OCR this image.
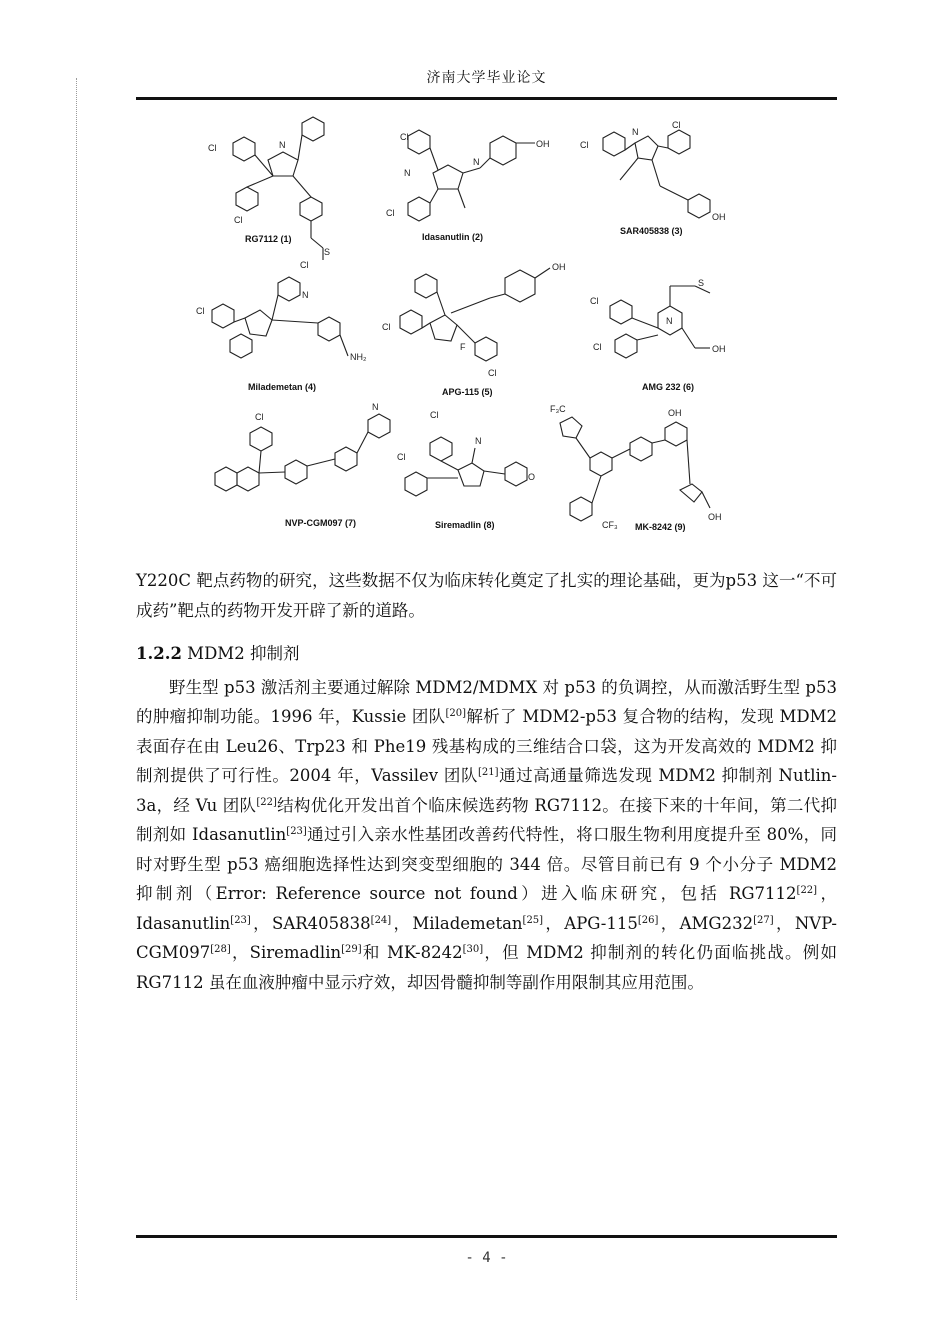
济南大学毕业论文
Cl
Cl
N
S
RG7112 (1)
Cl
Cl
N
OH
N
Idasanutlin (2)
Cl
Cl
OH
N
SAR405838 (3)
Cl
Cl
NH₂
N
Milademetan (4)
Cl
OH
Cl
F
APG-115 (5)
Cl
Cl
S
OH
N
AMG 232 (6)
Cl
N
NVP-CGM097 (7)
Cl
Cl
O
N
Siremadlin (8)
F₃C
OH
CF₃
OH
MK-8242 (9)

Y220C 靶点药物的研究，这些数据不仅为临床转化奠定了扎实的理论基础，更为p53 这一“不可成药”靶点的药物开发开辟了新的道路。

1.2.2 MDM2 抑制剂

野生型 p53 激活剂主要通过解除 MDM2/MDMX 对 p53 的负调控，从而激活野生型 p53 的肿瘤抑制功能。1996 年，Kussie 团队[20]解析了 MDM2-p53 复合物的结构，发现 MDM2 表面存在由 Leu26、Trp23 和 Phe19 残基构成的三维结合口袋，这为开发高效的 MDM2 抑制剂提供了可行性。2004 年，Vassilev 团队[21]通过高通量筛选发现 MDM2 抑制剂 Nutlin-3a，经 Vu 团队[22]结构优化开发出首个临床候选药物 RG7112。在接下来的十年间，第二代抑制剂如 Idasanutlin[23]通过引入亲水性基团改善药代特性，将口服生物利用度提升至 80%，同时对野生型 p53 癌细胞选择性达到突变型细胞的 344 倍。尽管目前已有 9 个小分子 MDM2 抑制剂（Error: Reference source not found）进入临床研究，包括 RG7112[22]，Idasanutlin[23]，SAR405838[24]，Milademetan[25]，APG-115[26]，AMG232[27]，NVP-CGM097[28]，Siremadlin[29]和 MK-8242[30]，但 MDM2 抑制剂的转化仍面临挑战。例如 RG7112 虽在血液肿瘤中显示疗效，却因骨髓抑制等副作用限制其应用范围。

- 4 -
